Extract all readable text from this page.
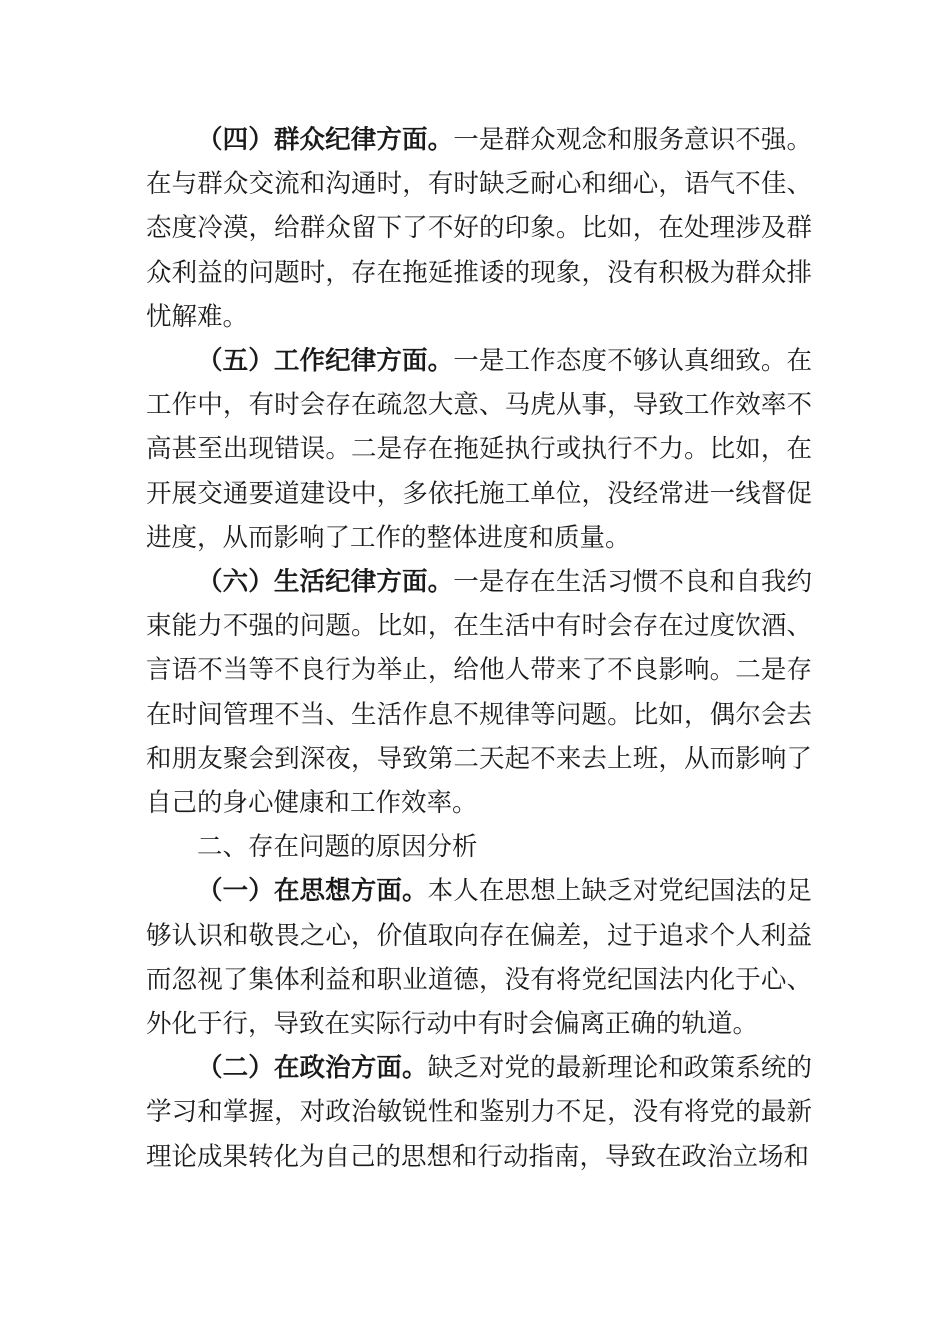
（四）群众纪律方面。一是群众观念和服务意识不强。在与群众交流和沟通时，有时缺乏耐心和细心，语气不佳、态度冷漠，给群众留下了不好的印象。比如，在处理涉及群众利益的问题时，存在拖延推诿的现象，没有积极为群众排忧解难。

（五）工作纪律方面。一是工作态度不够认真细致。在工作中，有时会存在疏忽大意、马虎从事，导致工作效率不高甚至出现错误。二是存在拖延执行或执行不力。比如，在开展交通要道建设中，多依托施工单位，没经常进一线督促进度，从而影响了工作的整体进度和质量。

（六）生活纪律方面。一是存在生活习惯不良和自我约束能力不强的问题。比如，在生活中有时会存在过度饮酒、言语不当等不良行为举止，给他人带来了不良影响。二是存在时间管理不当、生活作息不规律等问题。比如，偶尔会去和朋友聚会到深夜，导致第二天起不来去上班，从而影响了自己的身心健康和工作效率。

二、存在问题的原因分析

（一）在思想方面。本人在思想上缺乏对党纪国法的足够认识和敬畏之心，价值取向存在偏差，过于追求个人利益而忽视了集体利益和职业道德，没有将党纪国法内化于心、外化于行，导致在实际行动中有时会偏离正确的轨道。

（二）在政治方面。缺乏对党的最新理论和政策系统的学习和掌握，对政治敏锐性和鉴别力不足，没有将党的最新理论成果转化为自己的思想和行动指南，导致在政治立场和
